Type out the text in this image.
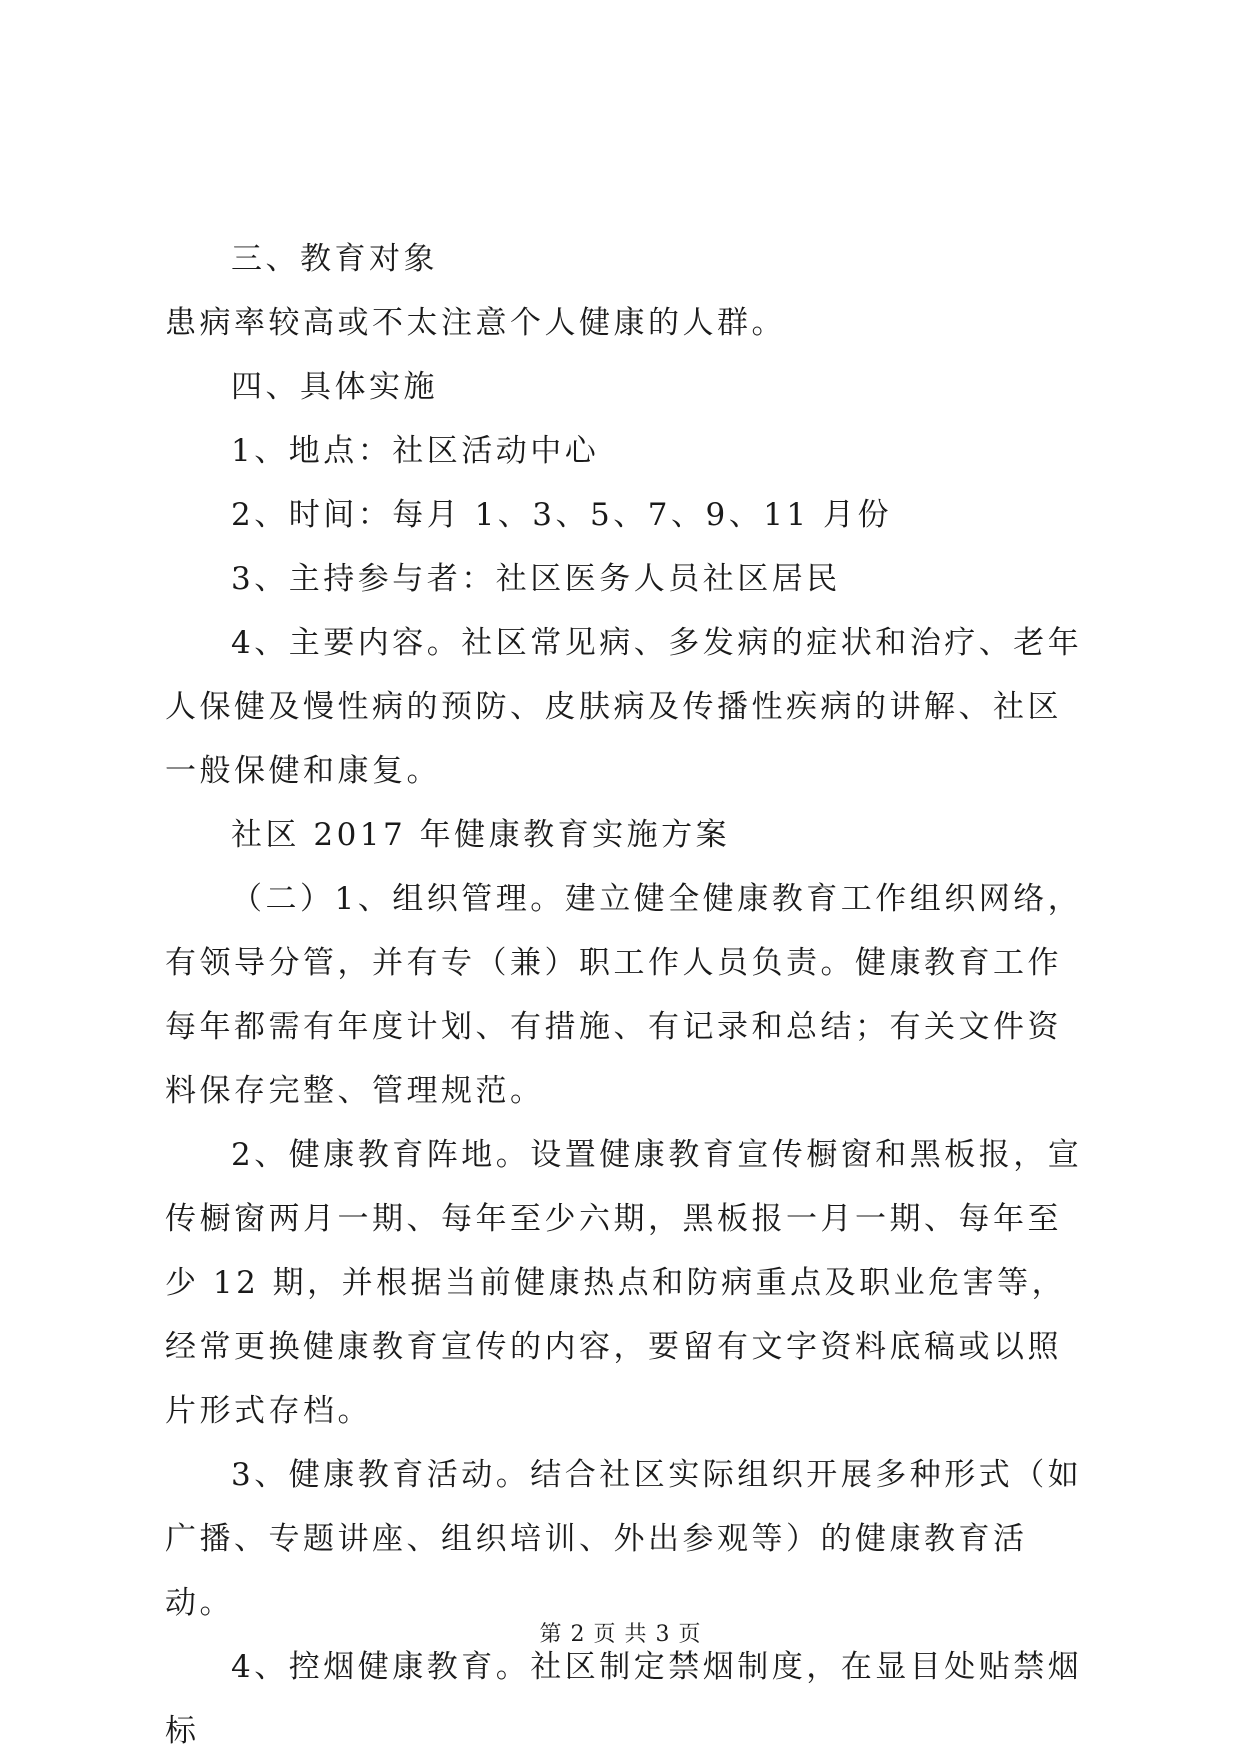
三、教育对象

患病率较高或不太注意个人健康的人群。

四、具体实施

1、地点：社区活动中心

2、时间：每月 1、3、5、7、9、11 月份

3、主持参与者：社区医务人员社区居民

4、主要内容。社区常见病、多发病的症状和治疗、老年人保健及慢性病的预防、皮肤病及传播性疾病的讲解、社区一般保健和康复。

社区 2017 年健康教育实施方案

（二）1、组织管理。建立健全健康教育工作组织网络，有领导分管，并有专（兼）职工作人员负责。健康教育工作每年都需有年度计划、有措施、有记录和总结；有关文件资料保存完整、管理规范。

2、健康教育阵地。设置健康教育宣传橱窗和黑板报，宣传橱窗两月一期、每年至少六期，黑板报一月一期、每年至少 12 期，并根据当前健康热点和防病重点及职业危害等，经常更换健康教育宣传的内容，要留有文字资料底稿或以照片形式存档。

3、健康教育活动。结合社区实际组织开展多种形式（如广播、专题讲座、组织培训、外出参观等）的健康教育活动。

4、控烟健康教育。社区制定禁烟制度，在显目处贴禁烟标

第 2 页 共 3 页
